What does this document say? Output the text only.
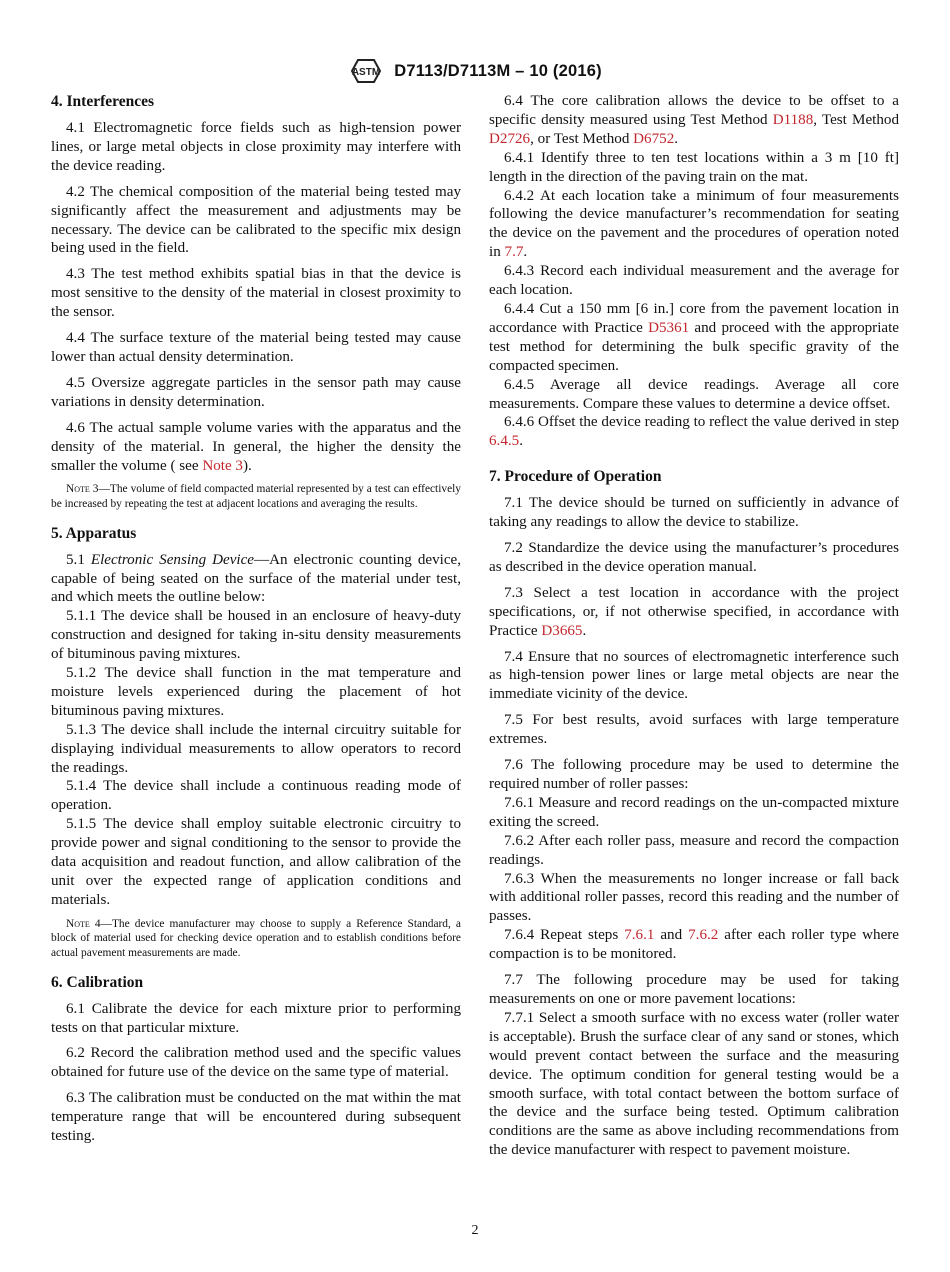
ASTM D7113/D7113M – 10 (2016)
4. Interferences

4.1 Electromagnetic force fields such as high-tension power lines, or large metal objects in close proximity may interfere with the device reading.

4.2 The chemical composition of the material being tested may significantly affect the measurement and adjustments may be necessary. The device can be calibrated to the specific mix design being used in the field.

4.3 The test method exhibits spatial bias in that the device is most sensitive to the density of the material in closest proximity to the sensor.

4.4 The surface texture of the material being tested may cause lower than actual density determination.

4.5 Oversize aggregate particles in the sensor path may cause variations in density determination.

4.6 The actual sample volume varies with the apparatus and the density of the material. In general, the higher the density the smaller the volume ( see Note 3).

Note 3—The volume of field compacted material represented by a test can effectively be increased by repeating the test at adjacent locations and averaging the results.

5. Apparatus

5.1 Electronic Sensing Device—An electronic counting device, capable of being seated on the surface of the material under test, and which meets the outline below:

5.1.1 The device shall be housed in an enclosure of heavy-duty construction and designed for taking in-situ density measurements of bituminous paving mixtures.

5.1.2 The device shall function in the mat temperature and moisture levels experienced during the placement of hot bituminous paving mixtures.

5.1.3 The device shall include the internal circuitry suitable for displaying individual measurements to allow operators to record the readings.

5.1.4 The device shall include a continuous reading mode of operation.

5.1.5 The device shall employ suitable electronic circuitry to provide power and signal conditioning to the sensor to provide the data acquisition and readout function, and allow calibration of the unit over the expected range of application conditions and materials.

Note 4—The device manufacturer may choose to supply a Reference Standard, a block of material used for checking device operation and to establish conditions before actual pavement measurements are made.

6. Calibration

6.1 Calibrate the device for each mixture prior to performing tests on that particular mixture.

6.2 Record the calibration method used and the specific values obtained for future use of the device on the same type of material.

6.3 The calibration must be conducted on the mat within the mat temperature range that will be encountered during subsequent testing.

6.4 The core calibration allows the device to be offset to a specific density measured using Test Method D1188, Test Method D2726, or Test Method D6752.

6.4.1 Identify three to ten test locations within a 3 m [10 ft] length in the direction of the paving train on the mat.

6.4.2 At each location take a minimum of four measurements following the device manufacturer’s recommendation for seating the device on the pavement and the procedures of operation noted in 7.7.

6.4.3 Record each individual measurement and the average for each location.

6.4.4 Cut a 150 mm [6 in.] core from the pavement location in accordance with Practice D5361 and proceed with the appropriate test method for determining the bulk specific gravity of the compacted specimen.

6.4.5 Average all device readings. Average all core measurements. Compare these values to determine a device offset.

6.4.6 Offset the device reading to reflect the value derived in step 6.4.5.

7. Procedure of Operation

7.1 The device should be turned on sufficiently in advance of taking any readings to allow the device to stabilize.

7.2 Standardize the device using the manufacturer’s procedures as described in the device operation manual.

7.3 Select a test location in accordance with the project specifications, or, if not otherwise specified, in accordance with Practice D3665.

7.4 Ensure that no sources of electromagnetic interference such as high-tension power lines or large metal objects are near the immediate vicinity of the device.

7.5 For best results, avoid surfaces with large temperature extremes.

7.6 The following procedure may be used to determine the required number of roller passes:

7.6.1 Measure and record readings on the un-compacted mixture exiting the screed.

7.6.2 After each roller pass, measure and record the compaction readings.

7.6.3 When the measurements no longer increase or fall back with additional roller passes, record this reading and the number of passes.

7.6.4 Repeat steps 7.6.1 and 7.6.2 after each roller type where compaction is to be monitored.

7.7 The following procedure may be used for taking measurements on one or more pavement locations:

7.7.1 Select a smooth surface with no excess water (roller water is acceptable). Brush the surface clear of any sand or stones, which would prevent contact between the surface and the measuring device. The optimum condition for general testing would be a smooth surface, with total contact between the bottom surface of the device and the surface being tested. Optimum calibration conditions are the same as above including recommendations from the device manufacturer with respect to pavement moisture.

2
